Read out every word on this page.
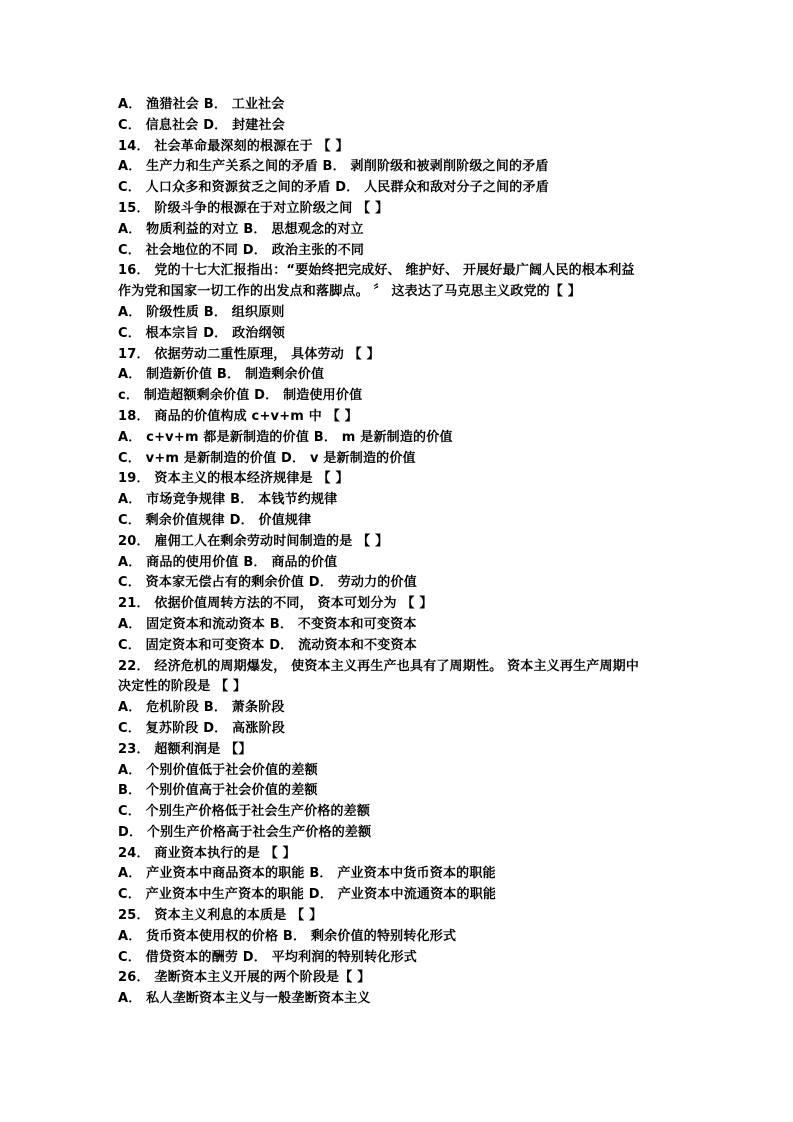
A． 渔猎社会 B． 工业社会
C． 信息社会 D． 封建社会
14． 社会革命最深刻的根源在于 【 】
A． 生产力和生产关系之间的矛盾 B． 剥削阶级和被剥削阶级之间的矛盾
C． 人口众多和资源贫乏之间的矛盾 D． 人民群众和敌对分子之间的矛盾
15． 阶级斗争的根源在于对立阶级之间 【 】
A． 物质利益的对立 B． 思想观念的对立
C． 社会地位的不同 D． 政治主张的不同
16． 党的十七大汇报指出：“要始终把完成好、 维护好、 开展好最广阔人民的根本利益
作为党和国家一切工作的出发点和落脚点。 〞 这表达了马克思主义政党的【 】
A． 阶级性质 B． 组织原则
C． 根本宗旨 D． 政治纲领
17． 依据劳动二重性原理， 具体劳动 【 】
A． 制造新价值 B． 制造剩余价值
c． 制造超额剩余价值 D． 制造使用价值
18． 商品的价值构成 c+v+m 中 【 】
A． c+v+m 都是新制造的价值 B． m 是新制造的价值
C． v+m 是新制造的价值 D． v 是新制造的价值
19． 资本主义的根本经济规律是 【 】
A． 市场竞争规律 B． 本钱节约规律
C． 剩余价值规律 D． 价值规律
20． 雇佣工人在剩余劳动时间制造的是 【 】
A． 商品的使用价值 B． 商品的价值
C． 资本家无偿占有的剩余价值 D． 劳动力的价值
21． 依据价值周转方法的不同， 资本可划分为 【 】
A． 固定资本和流动资本 B． 不变资本和可变资本
C． 固定资本和可变资本 D． 流动资本和不变资本
22． 经济危机的周期爆发， 使资本主义再生产也具有了周期性。 资本主义再生产周期中
决定性的阶段是 【 】
A． 危机阶段 B． 萧条阶段
C． 复苏阶段 D． 高涨阶段
23． 超额利润是 【】
A． 个别价值低于社会价值的差额
B． 个别价值高于社会价值的差额
C． 个别生产价格低于社会生产价格的差额
D． 个别生产价格高于社会生产价格的差额
24． 商业资本执行的是 【 】
A． 产业资本中商品资本的职能 B． 产业资本中货币资本的职能
C． 产业资本中生产资本的职能 D． 产业资本中流通资本的职能
25． 资本主义利息的本质是 【 】
A． 货币资本使用权的价格 B． 剩余价值的特别转化形式
C． 借贷资本的酬劳 D． 平均利润的特别转化形式
26． 垄断资本主义开展的两个阶段是【 】
A． 私人垄断资本主义与一般垄断资本主义
